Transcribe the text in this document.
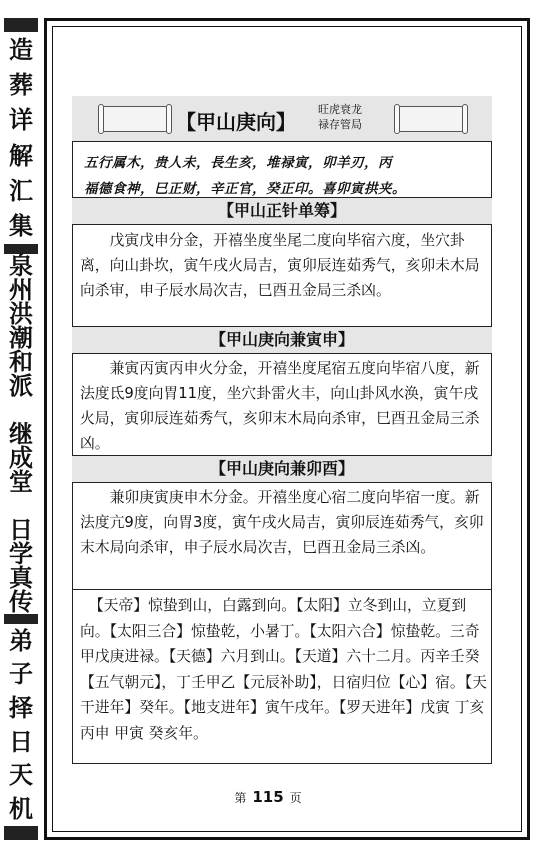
造
葬
详
解
汇
集
泉
州
洪
潮
和
派

继
成
堂

日
学
真
传
弟
子
择
日
天
机
【甲山庚向】
旺虎衰龙
禄存管局
五行属木，贵人未，長生亥，堆禄寅，卯羊刃，丙
福德食神，巳正财，辛正官，癸正印。喜卯寅拱夹。
【甲山正针单筹】
戊寅戊申分金，开禧坐度坐尾二度向毕宿六度，坐穴卦离，向山卦坎，寅午戌火局吉，寅卯辰连茹秀气，亥卯未木局向杀审，申子辰水局次吉，巳酉丑金局三杀凶。
【甲山庚向兼寅申】
兼寅丙寅丙申火分金，开禧坐度尾宿五度向毕宿八度，新法度氐9度向胃11度，坐穴卦雷火丰，向山卦风水涣，寅午戌火局，寅卯辰连茹秀气，亥卯末木局向杀审，巳酉丑金局三杀凶。
【甲山庚向兼卯酉】
兼卯庚寅庚申木分金。开禧坐度心宿二度向毕宿一度。新法度亢9度，向胃3度，寅午戌火局吉，寅卯辰连茹秀气，亥卯末木局向杀审，申子辰水局次吉，巳酉丑金局三杀凶。
【天帝】惊蛰到山，白露到向。【太阳】立冬到山，立夏到向。【太阳三合】惊蛰乾，小暑丁。【太阳六合】惊蛰乾。三奇甲戊庚进禄。【天德】六月到山。【天道】六十二月。丙辛壬癸【五气朝元】，丁壬甲乙【元辰补助】，日宿归位【心】宿。【天干进年】癸年。【地支进年】寅午戌年。【罗天进年】戊寅 丁亥 丙申 甲寅 癸亥年。
第 115 页
